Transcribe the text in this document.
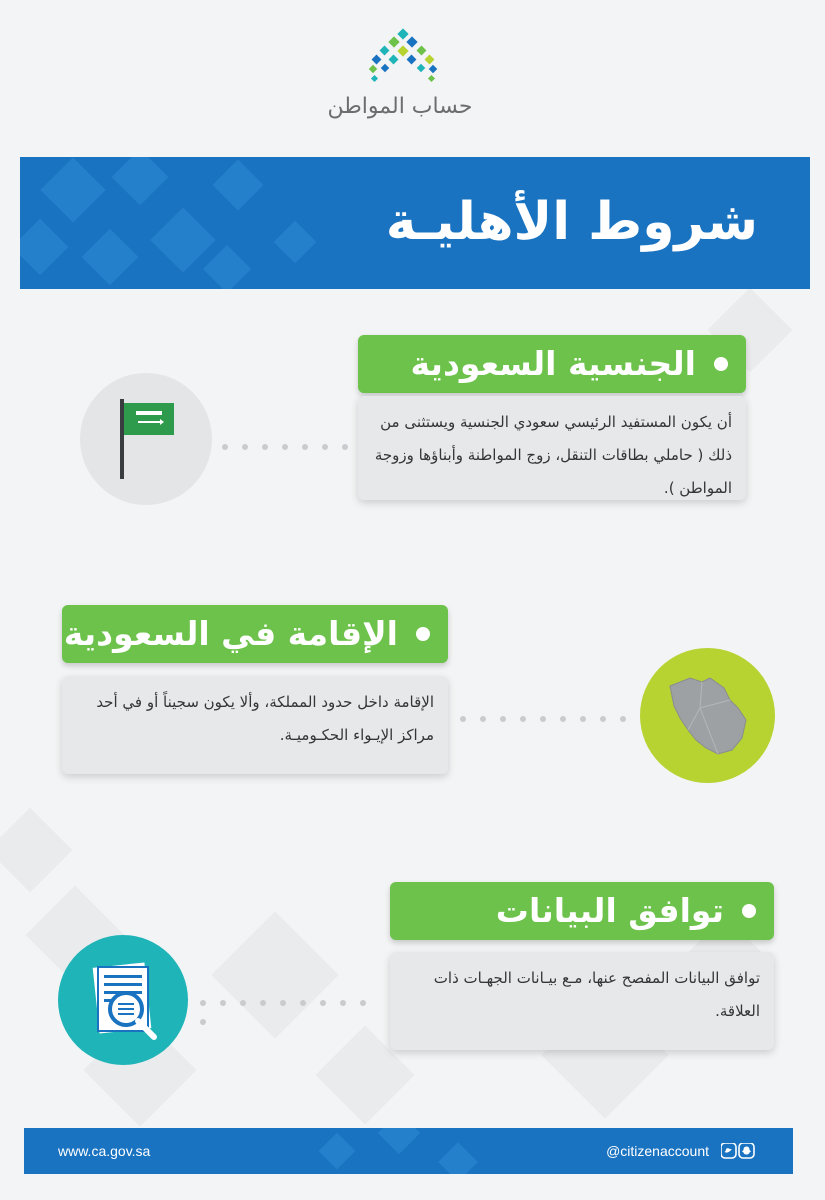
حساب المواطن
شروط الأهليـة
الجنسية السعودية
أن يكون المستفيد الرئيسي سعودي الجنسية ويستثنى من ذلك ( حاملي بطاقات التنقل، زوج المواطنة وأبناؤها وزوجة المواطن ).
الإقامة في السعودية
الإقامة داخل حدود المملكة، وألا يكون سجيناً أو في أحد مراكز الإيـواء الحكـوميـة.
توافق البيانات
توافق البيانات المفصح عنها، مـع بيـانات الجهـات ذات العلاقة.
www.ca.gov.sa	@citizenaccount
